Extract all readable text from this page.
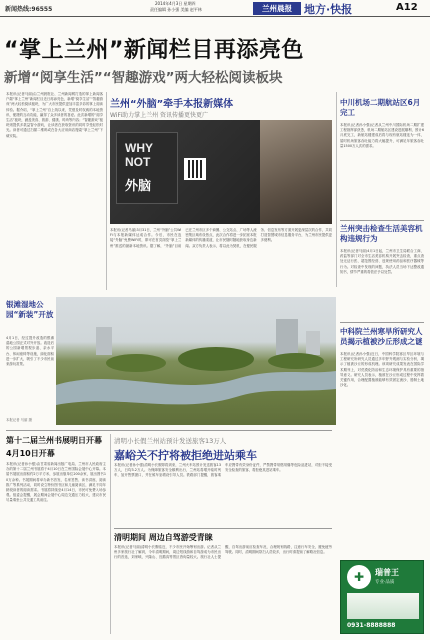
新闻热线:96555
2014年4月3日 星期四
责任编辑 孙小强 美编 赵平林	兰州晨报	地方·快报	A12
“掌上兰州”新闻栏目再添亮色
新增“阅享生活”“智趣游戏”两大轻松阅读板块
本报讯(记者马丽)由兰州晨报社、兰州新闻网打造的掌上新闻客户端“掌上兰州”新闻栏目近日再添亮色，新增“阅享生活”“智趣游戏”两大轻松阅读板块，为广大市民提供更加丰富多彩的掌上阅读体验。据介绍，“掌上兰州”自上线以来，凭借及时权威的本地资讯、便捷的互动功能，赢得了众多读者的喜爱。此次新增的“阅享生活”板块，涵盖美食、旅游、健康、时尚等内容；“智趣游戏”板块则提供多款益智小游戏，让读者在获取资讯的同时享受轻松时光。读者可通过扫描二维码或在各大应用商店搜索“掌上兰州”下载安装。
兰州“外脑”牵手本报新媒体
WiFi助力掌上兰州 资讯传播更快更广
WHY
NOT
外脑
本报讯(记者马丽)3月31日，兰州“外脑”公共WiFi与本报新媒体达成合作。今后，市民在连接“外脑”免费WiFi时，即可在首页浏览“掌上兰州”推送的最新本地资讯。据了解，“外脑”目前已在兰州市区多个商圈、公交站点、广场等人流密集区域布设热点，此次合作将进一步拓宽本报新媒体的传播渠道，让市民随时随地获取身边新闻。双方负责人表示，将以此为契机，在便民服务、信息发布等方面开展更深层次的合作，共同打造智慧城市信息服务平台，为兰州市民提供更多便利。
中川机场二期航站区6月完工
本报讯(记者孙小强)记者从兰州中川国际机场二期扩建工程指挥部获悉，机场二期航站区建设进展顺利，预计6月底完工，新航站楼建成后将与现有航站楼连为一体，届时机场旅客吞吐能力将大幅提升，可满足年旅客吞吐量1500万人次的需求。
兰州突击检查生活美容机构违规行为
本报讯(记者马丽)4月1日起，兰州市卫生局联合工商、药监等部门对全市生活美容机构开展突击检查，重点查处无证行医、超范围经营、违规使用药品和医疗器械等行为。对检查中发现的问题，执法人员当场下达整改通知书，情节严重的将依法予以处罚。
中科院兰州寒旱所研究人员揭示植被沙丘形成之谜
本报讯(记者孙小强)近日，中国科学院寒区旱区环境与工程研究所研究人员通过多年野外观测与实验分析，揭示了植被沙丘的形成机理。该项研究成果发表在国际学术期刊上，对荒漠化防治和生态环境保护具有重要的指导意义。研究人员表示，植被在沙丘形成过程中发挥着关键作用，合理配置植被能够有效固定流沙、遏制土地沙化。
银滩湿地公园“新装”开放
4月1日，经过提升改造的银滩湿地公园正式对外开放。改造后的公园新增景观步道、亲水平台、休闲座椅等设施，绿化面积进一步扩大，吸引了不少市民前来游玩赏景。
本报记者 马丽 摄
第十二届兰州书展明日开幕
4月10日开幕
本报讯(记者孙小强)由甘肃省新闻出版广电局、兰州市人民政府主办的第十二届兰州书展将于4月10日在兰州国际会展中心开幕。本届书展展出面积约2万平方米，参展出版单位200余家，展出图书10万余种。书展期间将举办新书首发、名家签售、读书讲座、阅读推广等系列活动，同时设立特价图书区和儿童阅读区，满足不同年龄段读者的阅读需求。书展将持续至4月14日，市民可免费入场参观。组委会提醒，展会期间会展中心周边交通压力较大，建议市民尽量乘坐公共交通工具前往。
清明小长假兰州站预计发送旅客13万人
嘉峪关不拧将被拒绝进站乘车
本报讯(记者孙小强)清明小长假即将到来，兰州火车站预计发送旅客13万人，日均3.2万人。为保障旅客安全顺利出行，兰州站将增开临时列车，加开售票窗口，并在候车室增设引导人员。铁路部门提醒，旅客乘车应携带有效身份证件，严禁携带易燃易爆等危险品进站，对拒不接受安全检查的旅客，将拒绝其进站乘车。
清明期间 周边自驾游受青睐
本报讯(记者马丽)清明小长假临近，不少市民开始筹划出游。记者从兰州多家旅行社了解到，今年清明期间，周边短线游和自驾游成为市民出行的首选，刘家峡、兴隆山、官鹅沟等景区咨询量较大。旅行社人士提醒，自驾出游前应检查车况，合理规划线路，注意行车安全，避免疲劳驾驶。同时，清明期间祭扫人员较多，出行时请提前了解路况信息。
瑞普王
✚	专业·品质
0931-8888888
